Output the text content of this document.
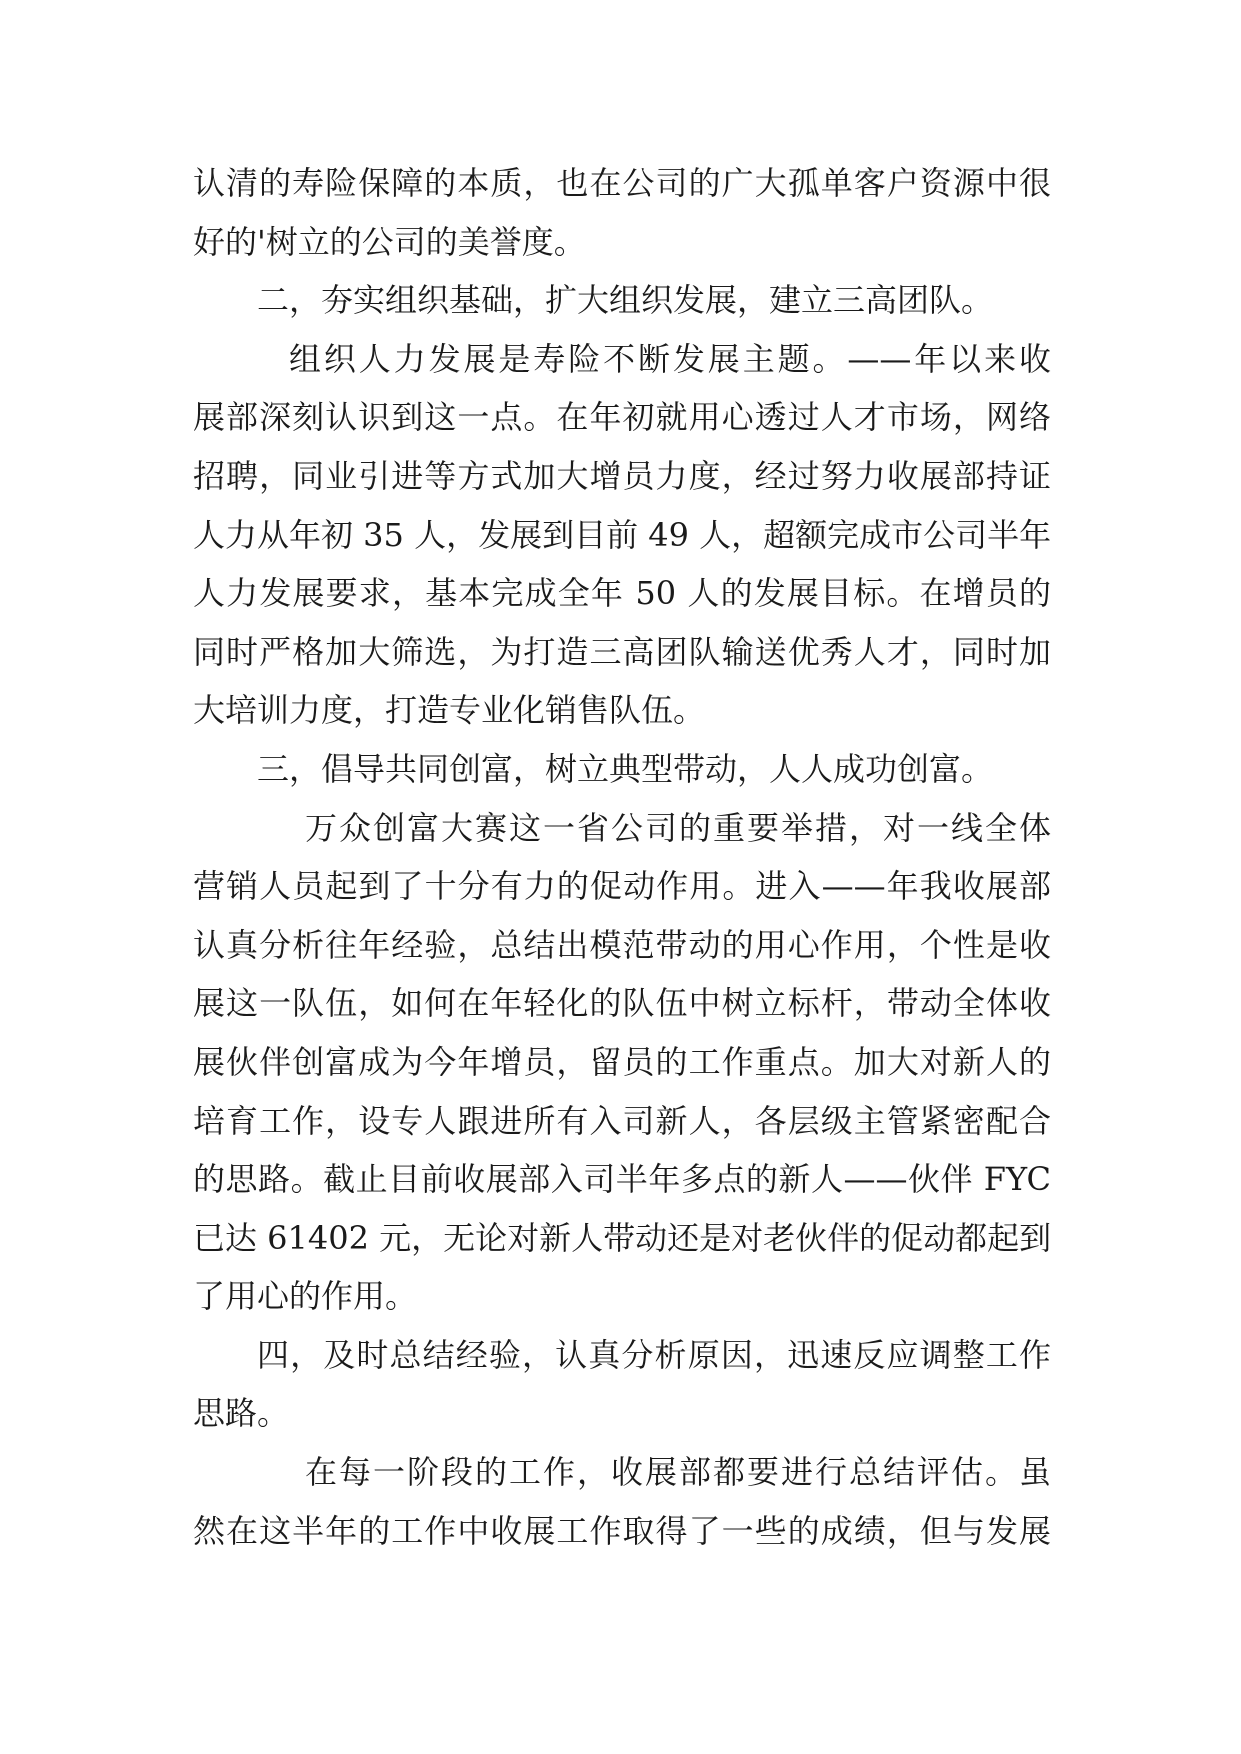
认清的寿险保障的本质，也在公司的广大孤单客户资源中很
好的'树立的公司的美誉度。
二，夯实组织基础，扩大组织发展，建立三高团队。
组织人力发展是寿险不断发展主题。——年以来收
展部深刻认识到这一点。在年初就用心透过人才市场，网络
招聘，同业引进等方式加大增员力度，经过努力收展部持证
人力从年初 35 人，发展到目前 49 人，超额完成市公司半年
人力发展要求，基本完成全年 50 人的发展目标。在增员的
同时严格加大筛选，为打造三高团队输送优秀人才，同时加
大培训力度，打造专业化销售队伍。
三，倡导共同创富，树立典型带动，人人成功创富。
万众创富大赛这一省公司的重要举措，对一线全体
营销人员起到了十分有力的促动作用。进入——年我收展部
认真分析往年经验，总结出模范带动的用心作用，个性是收
展这一队伍，如何在年轻化的队伍中树立标杆，带动全体收
展伙伴创富成为今年增员，留员的工作重点。加大对新人的
培育工作，设专人跟进所有入司新人，各层级主管紧密配合
的思路。截止目前收展部入司半年多点的新人——伙伴 FYC
已达 61402 元，无论对新人带动还是对老伙伴的促动都起到
了用心的作用。
四，及时总结经验，认真分析原因，迅速反应调整工作
思路。
在每一阶段的工作，收展部都要进行总结评估。虽
然在这半年的工作中收展工作取得了一些的成绩，但与发展
